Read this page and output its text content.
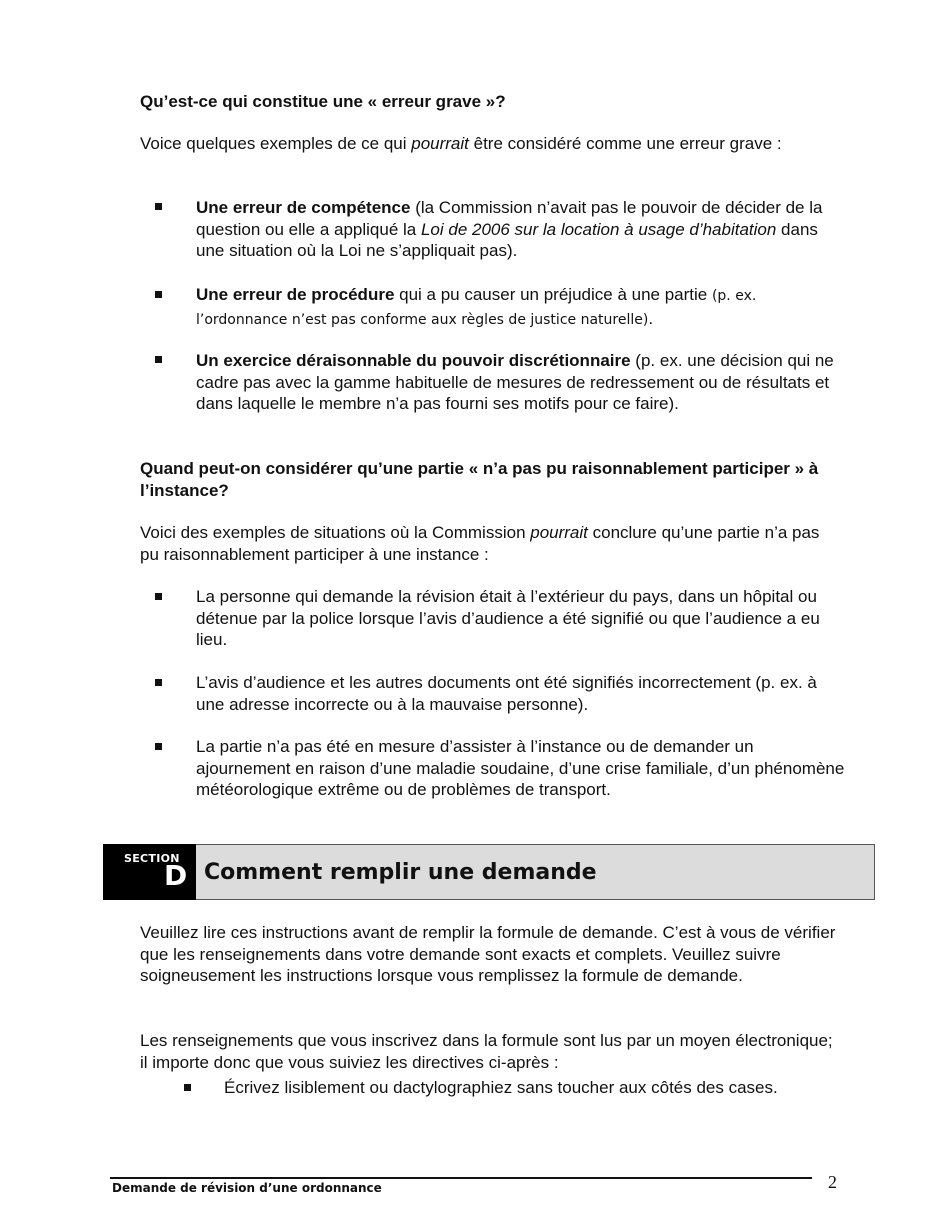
Qu’est-ce qui constitue une « erreur grave »?
Voice quelques exemples de ce qui pourrait être considéré comme une erreur grave :
Une erreur de compétence (la Commission n’avait pas le pouvoir de décider de la question ou elle a appliqué la Loi de 2006 sur la location à usage d’habitation dans une situation où la Loi ne s’appliquait pas).
Une erreur de procédure qui a pu causer un préjudice à une partie (p. ex. l’ordonnance n’est pas conforme aux règles de justice naturelle).
Un exercice déraisonnable du pouvoir discrétionnaire (p. ex. une décision qui ne cadre pas avec la gamme habituelle de mesures de redressement ou de résultats et dans laquelle le membre n’a pas fourni ses motifs pour ce faire).
Quand peut-on considérer qu’une partie « n’a pas pu raisonnablement participer » à l’instance?
Voici des exemples de situations où la Commission pourrait conclure qu’une partie n’a pas pu raisonnablement participer à une instance :
La personne qui demande la révision était à l’extérieur du pays, dans un hôpital ou détenue par la police lorsque l’avis d’audience a été signifié ou que l’audience a eu lieu.
L’avis d’audience et les autres documents ont été signifiés incorrectement (p. ex. à une adresse incorrecte ou à la mauvaise personne).
La partie n’a pas été en mesure d’assister à l’instance ou de demander un ajournement en raison d’une maladie soudaine, d’une crise familiale, d’un phénomène météorologique extrême ou de problèmes de transport.
SECTION
D Comment remplir une demande
Veuillez lire ces instructions avant de remplir la formule de demande. C’est à vous de vérifier que les renseignements dans votre demande sont exacts et complets. Veuillez suivre soigneusement les instructions lorsque vous remplissez la formule de demande.
Les renseignements que vous inscrivez dans la formule sont lus par un moyen électronique; il importe donc que vous suiviez les directives ci-après :
Écrivez lisiblement ou dactylographiez sans toucher aux côtés des cases.
Demande de révision d’une ordonnance	2
